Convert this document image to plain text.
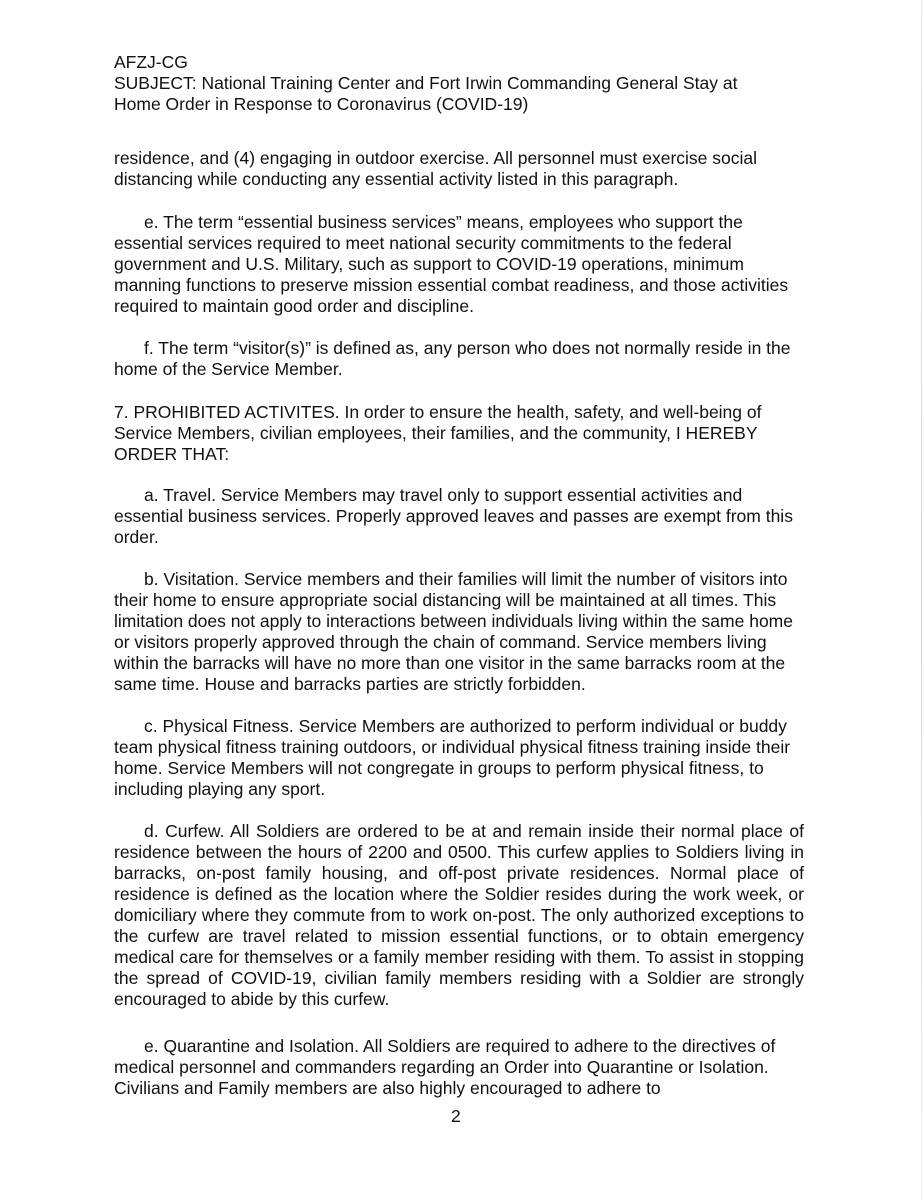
AFZJ-CG
SUBJECT: National Training Center and Fort Irwin Commanding General Stay at
Home Order in Response to Coronavirus (COVID-19)

residence, and (4) engaging in outdoor exercise. All personnel must exercise social distancing while conducting any essential activity listed in this paragraph.

e. The term “essential business services” means, employees who support the essential services required to meet national security commitments to the federal government and U.S. Military, such as support to COVID-19 operations, minimum manning functions to preserve mission essential combat readiness, and those activities required to maintain good order and discipline.

f. The term “visitor(s)” is defined as, any person who does not normally reside in the home of the Service Member.

7. PROHIBITED ACTIVITES. In order to ensure the health, safety, and well-being of Service Members, civilian employees, their families, and the community, I HEREBY ORDER THAT:

a. Travel. Service Members may travel only to support essential activities and essential business services. Properly approved leaves and passes are exempt from this order.

b. Visitation. Service members and their families will limit the number of visitors into their home to ensure appropriate social distancing will be maintained at all times. This limitation does not apply to interactions between individuals living within the same home or visitors properly approved through the chain of command. Service members living within the barracks will have no more than one visitor in the same barracks room at the same time. House and barracks parties are strictly forbidden.

c. Physical Fitness. Service Members are authorized to perform individual or buddy team physical fitness training outdoors, or individual physical fitness training inside their home. Service Members will not congregate in groups to perform physical fitness, to including playing any sport.

d. Curfew. All Soldiers are ordered to be at and remain inside their normal place of residence between the hours of 2200 and 0500. This curfew applies to Soldiers living in barracks, on-post family housing, and off-post private residences. Normal place of residence is defined as the location where the Soldier resides during the work week, or domiciliary where they commute from to work on-post. The only authorized exceptions to the curfew are travel related to mission essential functions, or to obtain emergency medical care for themselves or a family member residing with them. To assist in stopping the spread of COVID-19, civilian family members residing with a Soldier are strongly encouraged to abide by this curfew.

e. Quarantine and Isolation. All Soldiers are required to adhere to the directives of medical personnel and commanders regarding an Order into Quarantine or Isolation. Civilians and Family members are also highly encouraged to adhere to

2
